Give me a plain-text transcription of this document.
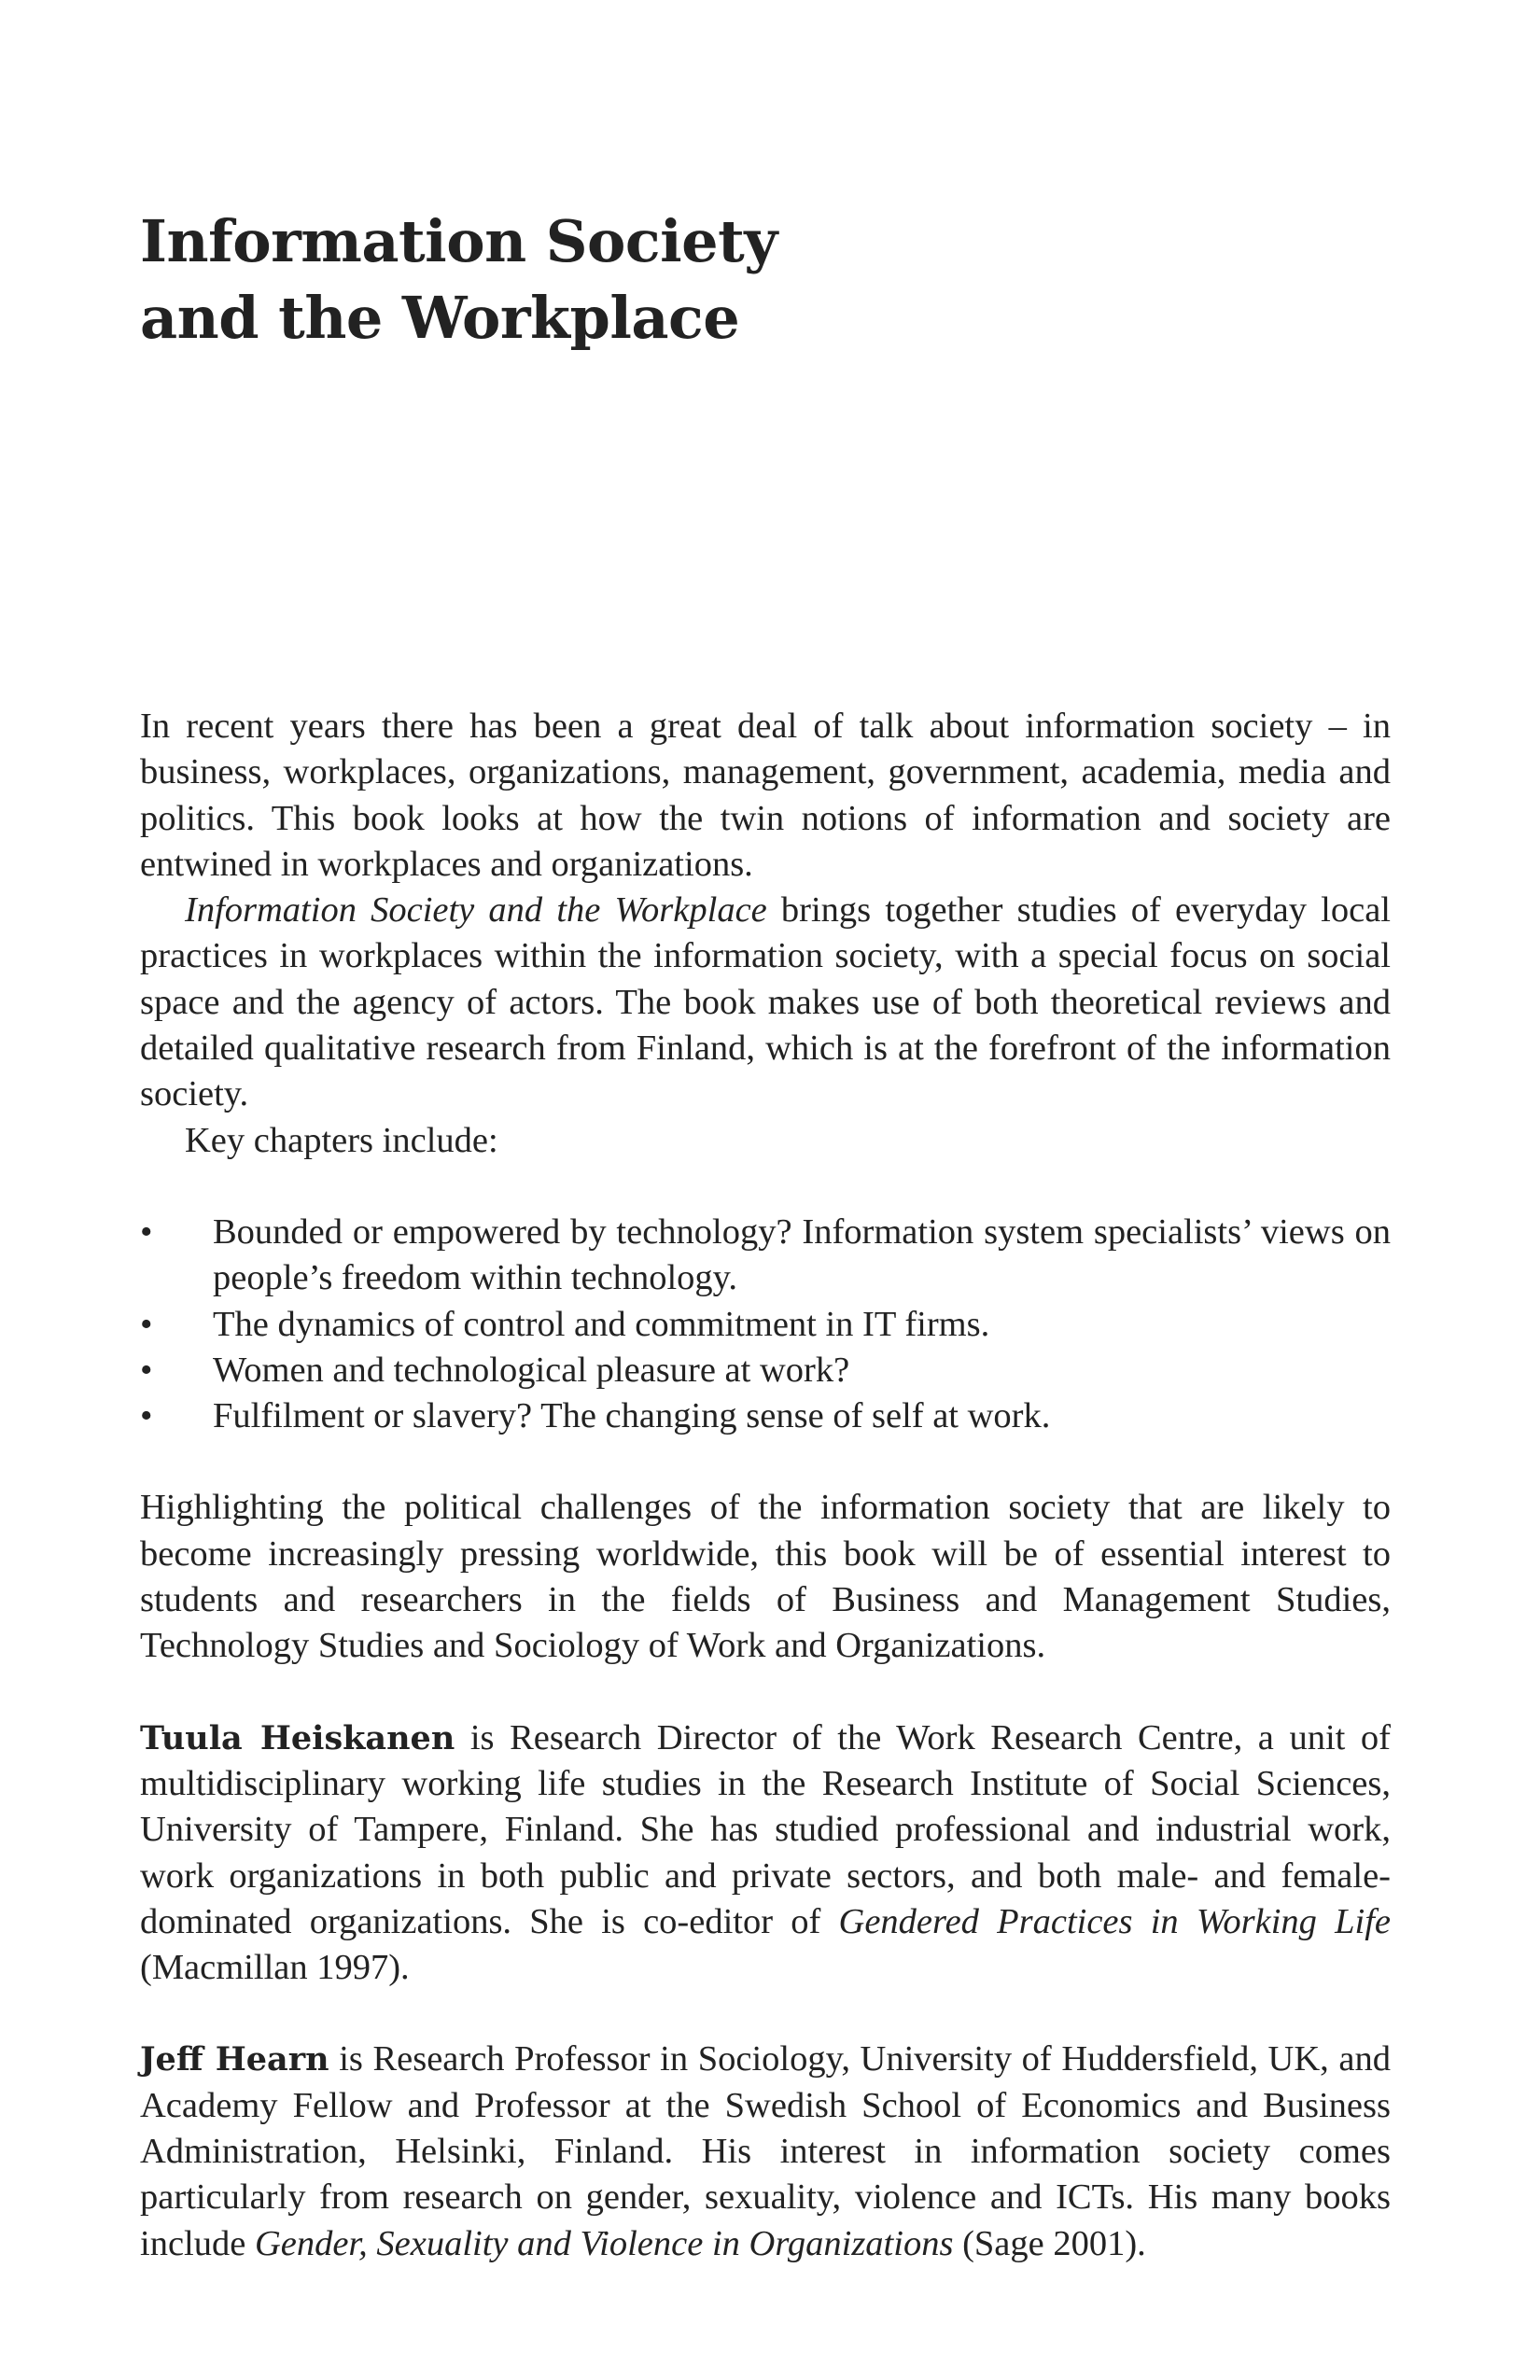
Information Society
and the Workplace

In recent years there has been a great deal of talk about information society – in business, workplaces, organizations, management, government, academia, media and politics. This book looks at how the twin notions of information and society are entwined in workplaces and organizations.

Information Society and the Workplace brings together studies of everyday local practices in workplaces within the information society, with a special focus on social space and the agency of actors. The book makes use of both theoretical reviews and detailed qualitative research from Finland, which is at the forefront of the information society.

Key chapters include:

• Bounded or empowered by technology? Information system specialists’ views on people’s freedom within technology.
• The dynamics of control and commitment in IT firms.
• Women and technological pleasure at work?
• Fulfilment or slavery? The changing sense of self at work.

Highlighting the political challenges of the information society that are likely to become increasingly pressing worldwide, this book will be of essential interest to students and researchers in the fields of Business and Management Studies, Technology Studies and Sociology of Work and Organizations.

Tuula Heiskanen is Research Director of the Work Research Centre, a unit of multidisciplinary working life studies in the Research Institute of Social Sciences, University of Tampere, Finland. She has studied professional and industrial work, work organizations in both public and private sectors, and both male- and female-dominated organizations. She is co-editor of Gendered Practices in Working Life (Macmillan 1997).

Jeff Hearn is Research Professor in Sociology, University of Huddersfield, UK, and Academy Fellow and Professor at the Swedish School of Economics and Business Administration, Helsinki, Finland. His interest in information society comes particularly from research on gender, sexuality, violence and ICTs. His many books include Gender, Sexuality and Violence in Organizations (Sage 2001).
